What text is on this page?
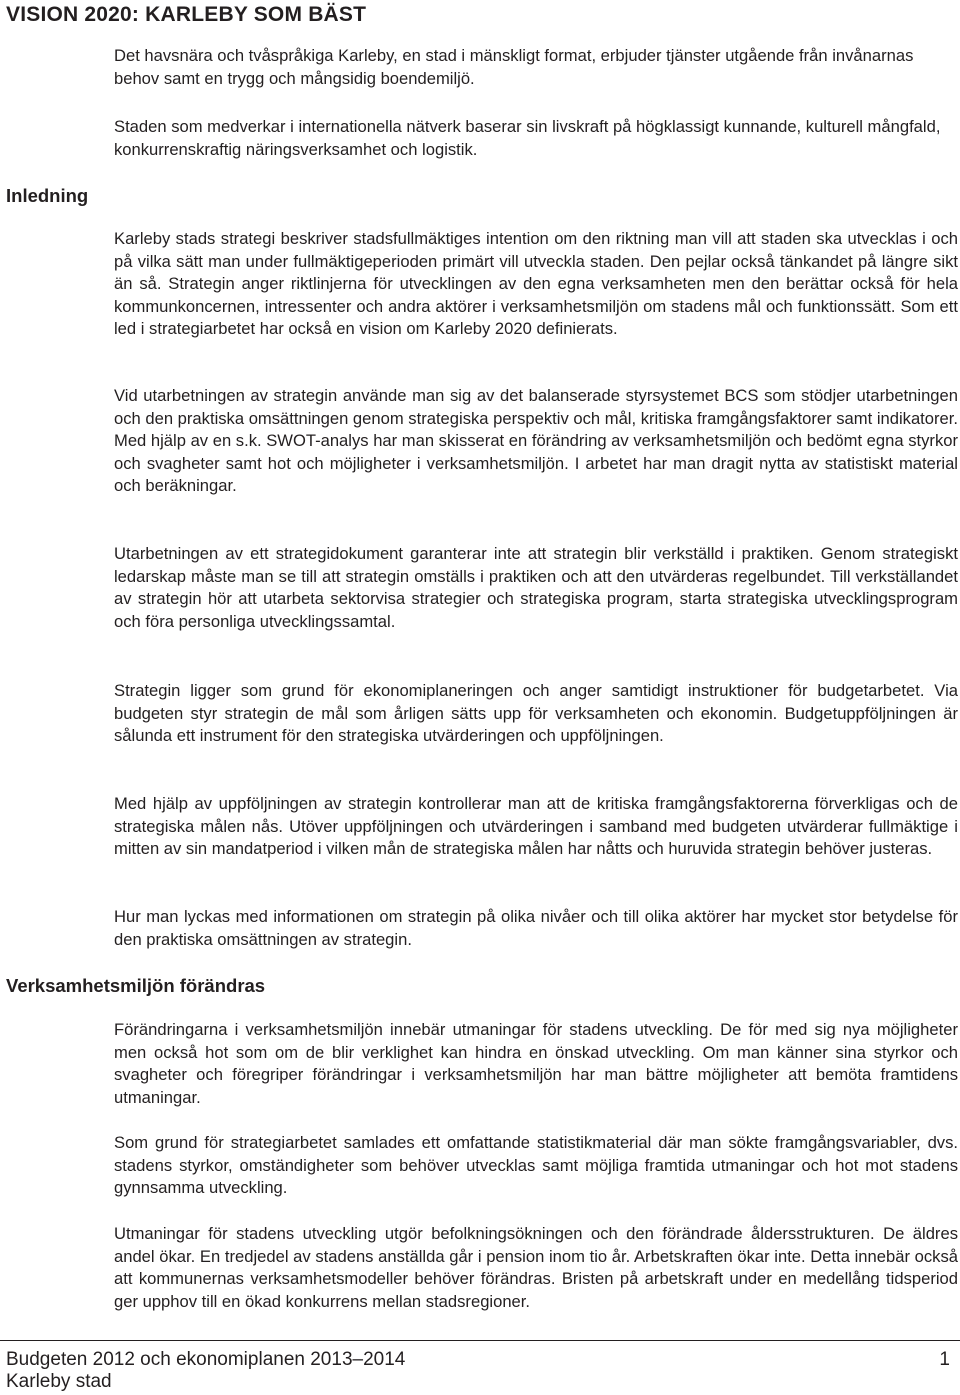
VISION 2020: KARLEBY SOM BÄST

Det havsnära och tvåspråkiga Karleby, en stad i mänskligt format, erbjuder tjänster utgående från invånarnas behov samt en trygg och mångsidig boendemiljö.

Staden som medverkar i internationella nätverk baserar sin livskraft på högklassigt kunnande, kulturell mångfald, konkurrenskraftig näringsverksamhet och logistik.

Inledning

Karleby stads strategi beskriver stadsfullmäktiges intention om den riktning man vill att staden ska utvecklas i och på vilka sätt man under fullmäktigeperioden primärt vill utveckla staden. Den pejlar också tänkandet på längre sikt än så. Strategin anger riktlinjerna för utvecklingen av den egna verksamheten men den berättar också för hela kommunkoncernen, intressenter och andra aktörer i verksamhetsmiljön om stadens mål och funktionssätt. Som ett led i strategiarbetet har också en vision om Karleby 2020 definierats.

Vid utarbetningen av strategin använde man sig av det balanserade styrsystemet BCS som stödjer utarbetningen och den praktiska omsättningen genom strategiska perspektiv och mål, kritiska framgångsfaktorer samt indikatorer. Med hjälp av en s.k. SWOT-analys har man skisserat en förändring av verksamhetsmiljön och bedömt egna styrkor och svagheter samt hot och möjligheter i verksamhetsmiljön. I arbetet har man dragit nytta av statistiskt material och beräkningar.

Utarbetningen av ett strategidokument garanterar inte att strategin blir verkställd i praktiken. Genom strategiskt ledarskap måste man se till att strategin omställs i praktiken och att den utvärderas regelbundet. Till verkställandet av strategin hör att utarbeta sektorvisa strategier och strategiska program, starta strategiska utvecklingsprogram och föra personliga utvecklingssamtal.

Strategin ligger som grund för ekonomiplaneringen och anger samtidigt instruktioner för budgetarbetet. Via budgeten styr strategin de mål som årligen sätts upp för verksamheten och ekonomin. Budgetuppföljningen är sålunda ett instrument för den strategiska utvärderingen och uppföljningen.

Med hjälp av uppföljningen av strategin kontrollerar man att de kritiska framgångsfaktorerna förverkligas och de strategiska målen nås. Utöver uppföljningen och utvärderingen i samband med budgeten utvärderar fullmäktige i mitten av sin mandatperiod i vilken mån de strategiska målen har nåtts och huruvida strategin behöver justeras.

Hur man lyckas med informationen om strategin på olika nivåer och till olika aktörer har mycket stor betydelse för den praktiska omsättningen av strategin.

Verksamhetsmiljön förändras

Förändringarna i verksamhetsmiljön innebär utmaningar för stadens utveckling. De för med sig nya möjligheter men också hot som om de blir verklighet kan hindra en önskad utveckling. Om man känner sina styrkor och svagheter och föregriper förändringar i verksamhetsmiljön har man bättre möjligheter att bemöta framtidens utmaningar.

Som grund för strategiarbetet samlades ett omfattande statistikmaterial där man sökte framgångsvariabler, dvs. stadens styrkor, omständigheter som behöver utvecklas samt möjliga framtida utmaningar och hot mot stadens gynnsamma utveckling.

Utmaningar för stadens utveckling utgör befolkningsökningen och den förändrade åldersstrukturen. De äldres andel ökar. En tredjedel av stadens anställda går i pension inom tio år. Arbetskraften ökar inte. Detta innebär också att kommunernas verksamhetsmodeller behöver förändras. Bristen på arbetskraft under en medellång tidsperiod ger upphov till en ökad konkurrens mellan stadsregioner.

Budgeten 2012 och ekonomiplanen 2013–2014

Karleby stad

1
